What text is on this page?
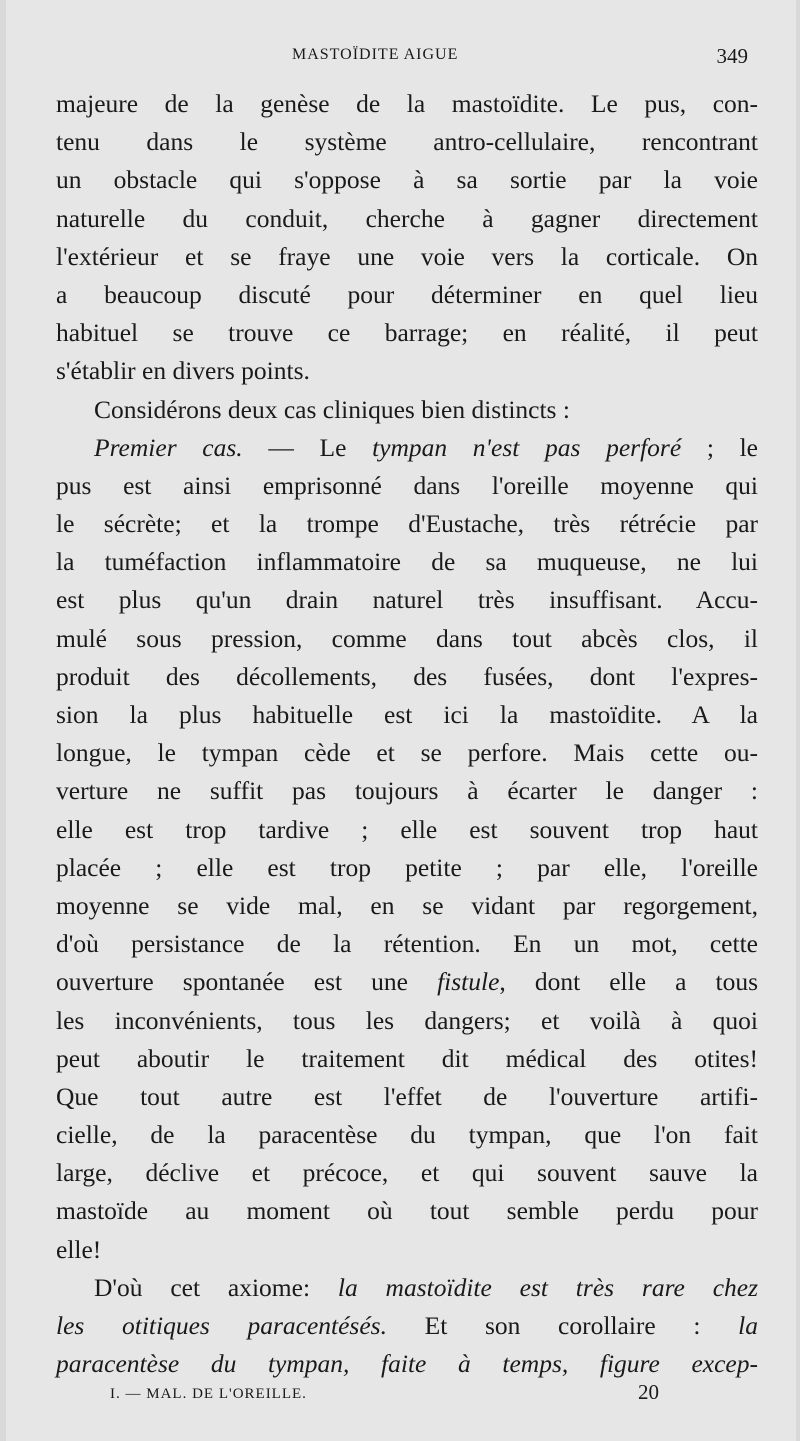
MASTOÏDITE AIGUE	349
majeure de la genèse de la mastoïdite. Le pus, con-
tenu dans le système antro-cellulaire, rencontrant
un obstacle qui s'oppose à sa sortie par la voie
naturelle du conduit, cherche à gagner directement
l'extérieur et se fraye une voie vers la corticale. On
a beaucoup discuté pour déterminer en quel lieu
habituel se trouve ce barrage; en réalité, il peut
s'établir en divers points.
Considérons deux cas cliniques bien distincts :
Premier cas. — Le tympan n'est pas perforé ; le
pus est ainsi emprisonné dans l'oreille moyenne qui
le sécrète; et la trompe d'Eustache, très rétrécie par
la tuméfaction inflammatoire de sa muqueuse, ne lui
est plus qu'un drain naturel très insuffisant. Accu-
mulé sous pression, comme dans tout abcès clos, il
produit des décollements, des fusées, dont l'expres-
sion la plus habituelle est ici la mastoïdite. A la
longue, le tympan cède et se perfore. Mais cette ou-
verture ne suffit pas toujours à écarter le danger :
elle est trop tardive ; elle est souvent trop haut
placée ; elle est trop petite ; par elle, l'oreille
moyenne se vide mal, en se vidant par regorgement,
d'où persistance de la rétention. En un mot, cette
ouverture spontanée est une fistule, dont elle a tous
les inconvénients, tous les dangers; et voilà à quoi
peut aboutir le traitement dit médical des otites!
Que tout autre est l'effet de l'ouverture artifi-
cielle, de la paracentèse du tympan, que l'on fait
large, déclive et précoce, et qui souvent sauve la
mastoïde au moment où tout semble perdu pour
elle!
D'où cet axiome: la mastoïdite est très rare chez
les otitiques paracentésés. Et son corollaire : la
paracentèse du tympan, faite à temps, figure excep-
I. — MAL. DE L'OREILLE.	20
